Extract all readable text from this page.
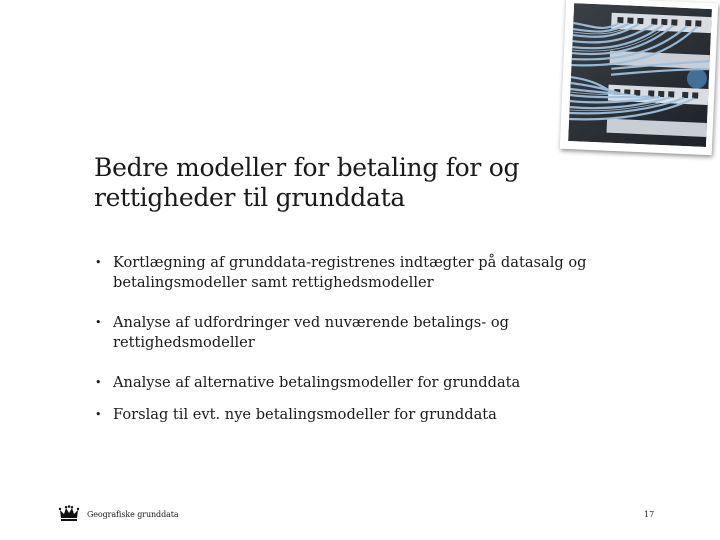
Bedre modeller for betaling for og rettigheder til grunddata
• Kortlægning af grunddata-registrenes indtægter på datasalg og betalingsmodeller samt rettighedsmodeller
• Analyse af udfordringer ved nuværende betalings- og rettighedsmodeller
• Analyse af alternative betalingsmodeller for grunddata
• Forslag til evt. nye betalingsmodeller for grunddata
Geografiske grunddata	17
